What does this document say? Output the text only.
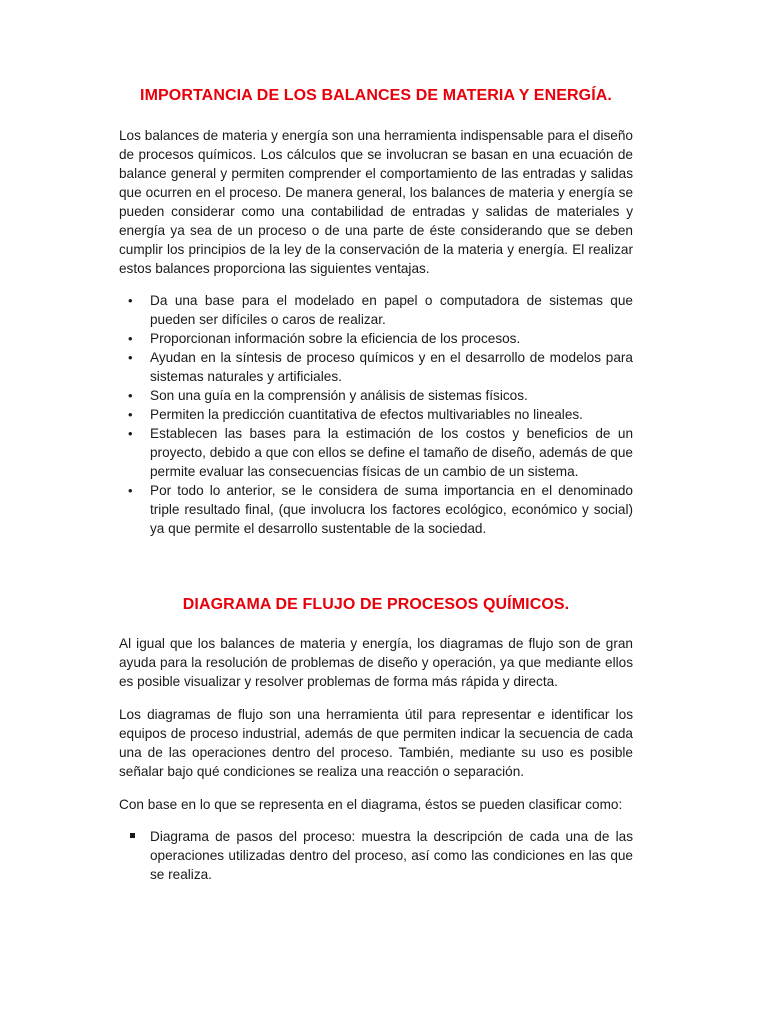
IMPORTANCIA DE LOS BALANCES DE MATERIA Y ENERGÍA.

Los balances de materia y energía son una herramienta indispensable para el diseño de procesos químicos. Los cálculos que se involucran se basan en una ecuación de balance general y permiten comprender el comportamiento de las entradas y salidas que ocurren en el proceso. De manera general, los balances de materia y energía se pueden considerar como una contabilidad de entradas y salidas de materiales y energía ya sea de un proceso o de una parte de éste considerando que se deben cumplir los principios de la ley de la conservación de la materia y energía. El realizar estos balances proporciona las siguientes ventajas.

•	Da una base para el modelado en papel o computadora de sistemas que pueden ser difíciles o caros de realizar.
•	Proporcionan información sobre la eficiencia de los procesos.
•	Ayudan en la síntesis de proceso químicos y en el desarrollo de modelos para sistemas naturales y artificiales.
•	Son una guía en la comprensión y análisis de sistemas físicos.
•	Permiten la predicción cuantitativa de efectos multivariables no lineales.
•	Establecen las bases para la estimación de los costos y beneficios de un proyecto, debido a que con ellos se define el tamaño de diseño, además de que permite evaluar las consecuencias físicas de un cambio de un sistema.
•	Por todo lo anterior, se le considera de suma importancia en el denominado triple resultado final, (que involucra los factores ecológico, económico y social) ya que permite el desarrollo sustentable de la sociedad.
DIAGRAMA DE FLUJO DE PROCESOS QUÍMICOS.

Al igual que los balances de materia y energía, los diagramas de flujo son de gran ayuda para la resolución de problemas de diseño y operación, ya que mediante ellos es posible visualizar y resolver problemas de forma más rápida y directa.

Los diagramas de flujo son una herramienta útil para representar e identificar los equipos de proceso industrial, además de que permiten indicar la secuencia de cada una de las operaciones dentro del proceso. También, mediante su uso es posible señalar bajo qué condiciones se realiza una reacción o separación.

Con base en lo que se representa en el diagrama, éstos se pueden clasificar como:

Diagrama de pasos del proceso: muestra la descripción de cada una de las operaciones utilizadas dentro del proceso, así como las condiciones en las que se realiza.
